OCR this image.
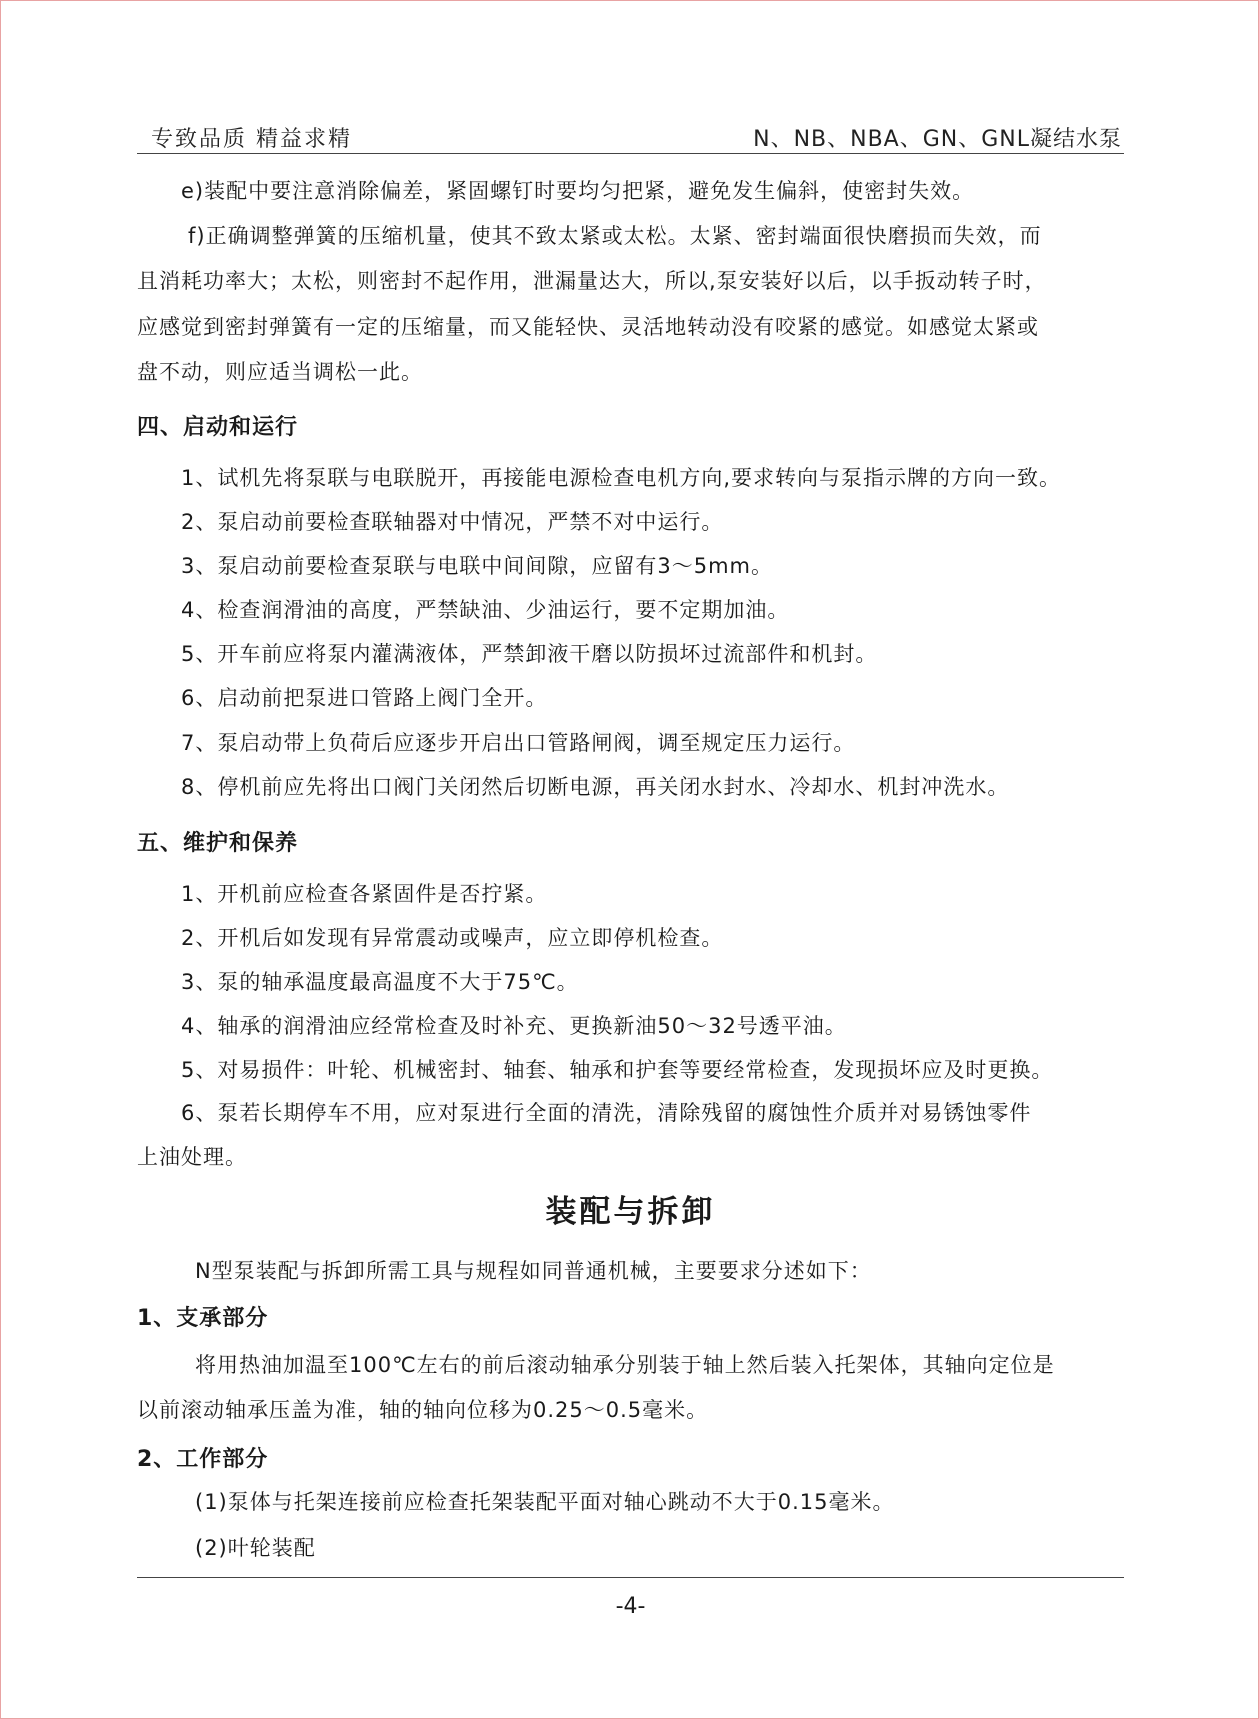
专致品质 精益求精	N、NB、NBA、GN、GNL凝结水泵
e)装配中要注意消除偏差，紧固螺钉时要均匀把紧，避免发生偏斜，使密封失效。
f)正确调整弹簧的压缩机量，使其不致太紧或太松。太紧、密封端面很快磨损而失效，而
且消耗功率大；太松，则密封不起作用，泄漏量达大，所以,泵安装好以后，以手扳动转子时，
应感觉到密封弹簧有一定的压缩量，而又能轻快、灵活地转动没有咬紧的感觉。如感觉太紧或
盘不动，则应适当调松一此。
四、启动和运行
1、试机先将泵联与电联脱开，再接能电源检查电机方向,要求转向与泵指示牌的方向一致。
2、泵启动前要检查联轴器对中情况，严禁不对中运行。
3、泵启动前要检查泵联与电联中间间隙，应留有3～5mm。
4、检查润滑油的高度，严禁缺油、少油运行，要不定期加油。
5、开车前应将泵内灌满液体，严禁卸液干磨以防损坏过流部件和机封。
6、启动前把泵进口管路上阀门全开。
7、泵启动带上负荷后应逐步开启出口管路闸阀，调至规定压力运行。
8、停机前应先将出口阀门关闭然后切断电源，再关闭水封水、冷却水、机封冲洗水。
五、维护和保养
1、开机前应检查各紧固件是否拧紧。
2、开机后如发现有异常震动或噪声，应立即停机检查。
3、泵的轴承温度最高温度不大于75℃。
4、轴承的润滑油应经常检查及时补充、更换新油50～32号透平油。
5、对易损件：叶轮、机械密封、轴套、轴承和护套等要经常检查，发现损坏应及时更换。
6、泵若长期停车不用，应对泵进行全面的清洗，清除残留的腐蚀性介质并对易锈蚀零件
上油处理。
装配与拆卸
N型泵装配与拆卸所需工具与规程如同普通机械，主要要求分述如下：
1、支承部分
将用热油加温至100℃左右的前后滚动轴承分别装于轴上然后装入托架体，其轴向定位是
以前滚动轴承压盖为准，轴的轴向位移为0.25～0.5毫米。
2、工作部分
(1)泵体与托架连接前应检查托架装配平面对轴心跳动不大于0.15毫米。
(2)叶轮装配
-4-
